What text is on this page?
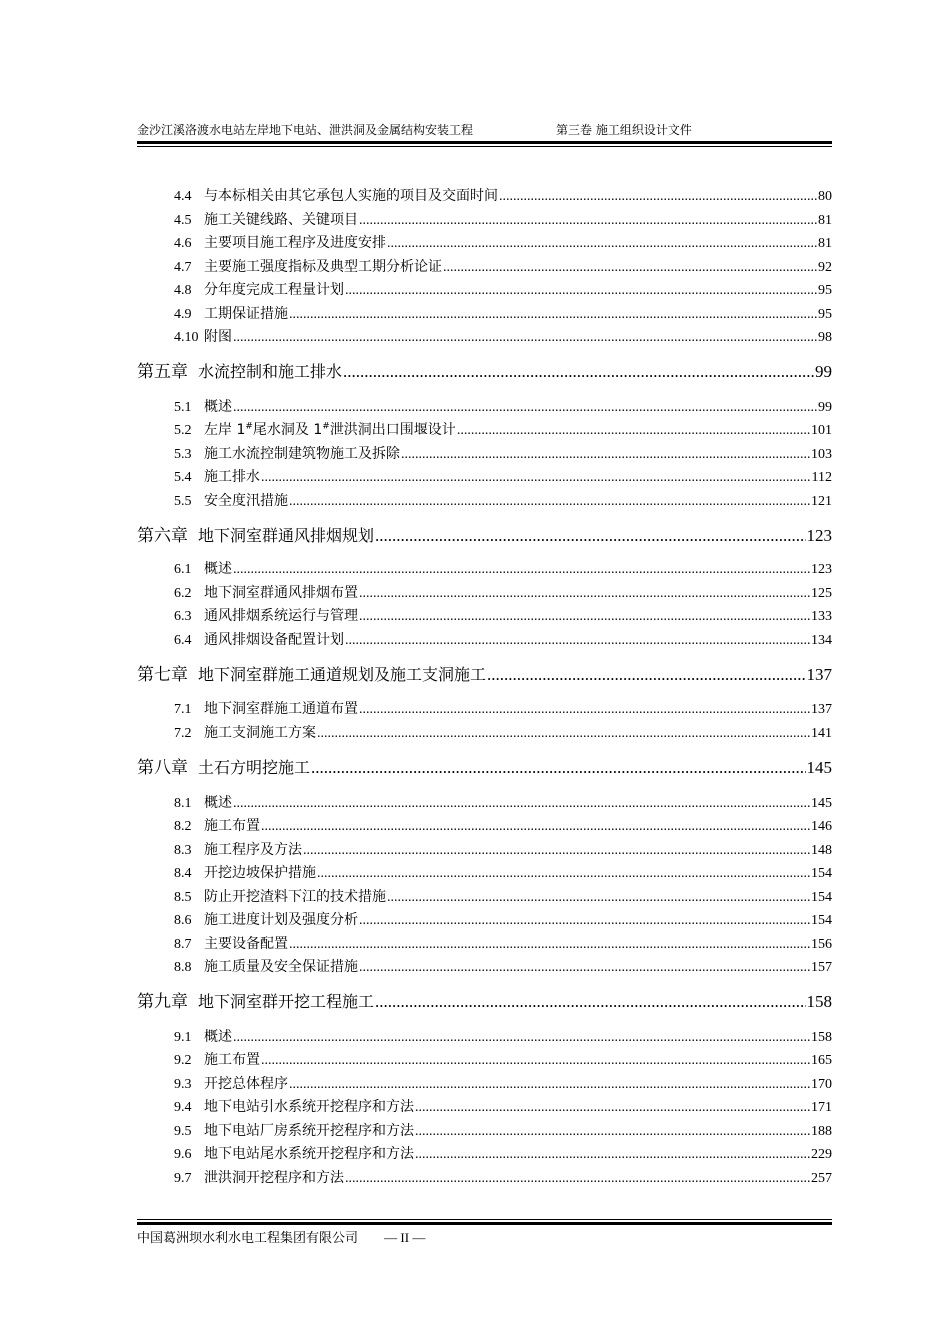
金沙江溪洛渡水电站左岸地下电站、泄洪洞及金属结构安装工程	第三卷 施工组织设计文件
4.4 与本标相关由其它承包人实施的项目及交面时间 .....	80
4.5 施工关键线路、关键项目 .....	81
4.6 主要项目施工程序及进度安排 .....	81
4.7 主要施工强度指标及典型工期分析论证 .....	92
4.8 分年度完成工程量计划 .....	95
4.9 工期保证措施 .....	95
4.10 附图 .....	98
第五章 水流控制和施工排水 .....	99
5.1 概述 .....	99
5.2 左岸 1#尾水洞及 1#泄洪洞出口围堰设计 .....	101
5.3 施工水流控制建筑物施工及拆除 .....	103
5.4 施工排水 .....	112
5.5 安全度汛措施 .....	121
第六章 地下洞室群通风排烟规划 .....	123
6.1 概述 .....	123
6.2 地下洞室群通风排烟布置 .....	125
6.3 通风排烟系统运行与管理 .....	133
6.4 通风排烟设备配置计划 .....	134
第七章 地下洞室群施工通道规划及施工支洞施工 .....	137
7.1 地下洞室群施工通道布置 .....	137
7.2 施工支洞施工方案 .....	141
第八章 土石方明挖施工 .....	145
8.1 概述 .....	145
8.2 施工布置 .....	146
8.3 施工程序及方法 .....	148
8.4 开挖边坡保护措施 .....	154
8.5 防止开挖渣料下江的技术措施 .....	154
8.6 施工进度计划及强度分析 .....	154
8.7 主要设备配置 .....	156
8.8 施工质量及安全保证措施 .....	157
第九章 地下洞室群开挖工程施工 .....	158
9.1 概述 .....	158
9.2 施工布置 .....	165
9.3 开挖总体程序 .....	170
9.4 地下电站引水系统开挖程序和方法 .....	171
9.5 地下电站厂房系统开挖程序和方法 .....	188
9.6 地下电站尾水系统开挖程序和方法 .....	229
9.7 泄洪洞开挖程序和方法 .....	257
中国葛洲坝水利水电工程集团有限公司 — II —
